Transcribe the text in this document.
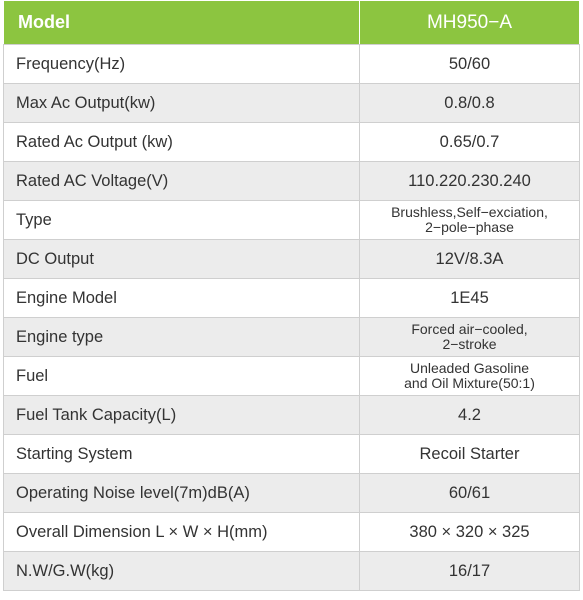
Model	MH950−A
Frequency(Hz)	50/60
Max Ac Output(kw)	0.8/0.8
Rated Ac Output (kw)	0.65/0.7
Rated AC Voltage(V)	110.220.230.240
Type	Brushless,Self−exciation,
2−pole−phase
DC Output	12V/8.3A
Engine Model	1E45
Engine type	Forced air−cooled,
2−stroke
Fuel	Unleaded Gasoline
and Oil Mixture(50:1)
Fuel Tank Capacity(L)	4.2
Starting System	Recoil Starter
Operating Noise level(7m)dB(A)	60/61
Overall Dimension L × W × H(mm)	380 × 320 × 325
N.W/G.W(kg)	16/17
